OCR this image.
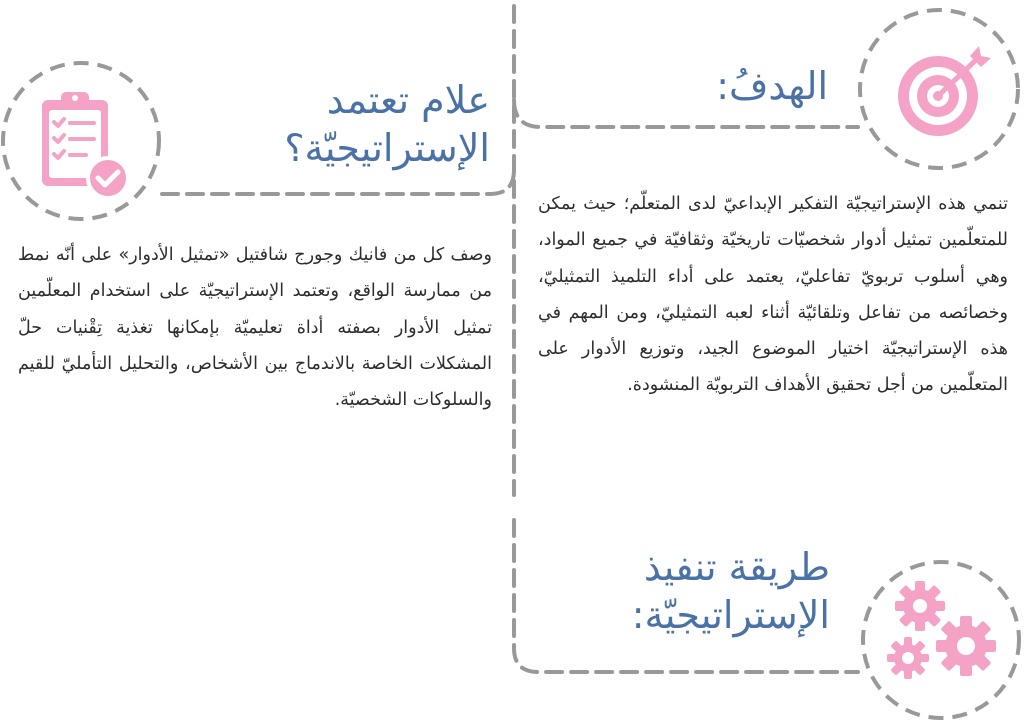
علام تعتمد الإستراتيجيّة؟
الهدفُ:
طريقة تنفيذ الإستراتيجيّة:

وصف كل من فانيك وجورج شافتيل «تمثيل الأدوار» على أنّه نمط من ممارسة الواقع، وتعتمد الإستراتيجيّة على استخدام المعلّمين تمثيل الأدوار بصفته أداة تعليميّة بإمكانها تغذية تِقْنيات حلّ المشكلات الخاصة بالاندماج بين الأشخاص، والتحليل التأمليّ للقيم والسلوكات الشخصيّة.

تنمي هذه الإستراتيجيّة التفكير الإبداعيّ لدى المتعلّم؛ حيث يمكن للمتعلّمين تمثيل أدوار شخصيّات تاريخيّة وثقافيّة في جميع المواد، وهي أسلوب تربويّ تفاعليّ، يعتمد على أداء التلميذ التمثيليّ، وخصائصه من تفاعل وتلقائيّة أثناء لعبه التمثيليّ، ومن المهم في هذه الإستراتيجيّة اختيار الموضوع الجيد، وتوزيع الأدوار على المتعلّمين من أجل تحقيق الأهداف التربويّة المنشودة.
